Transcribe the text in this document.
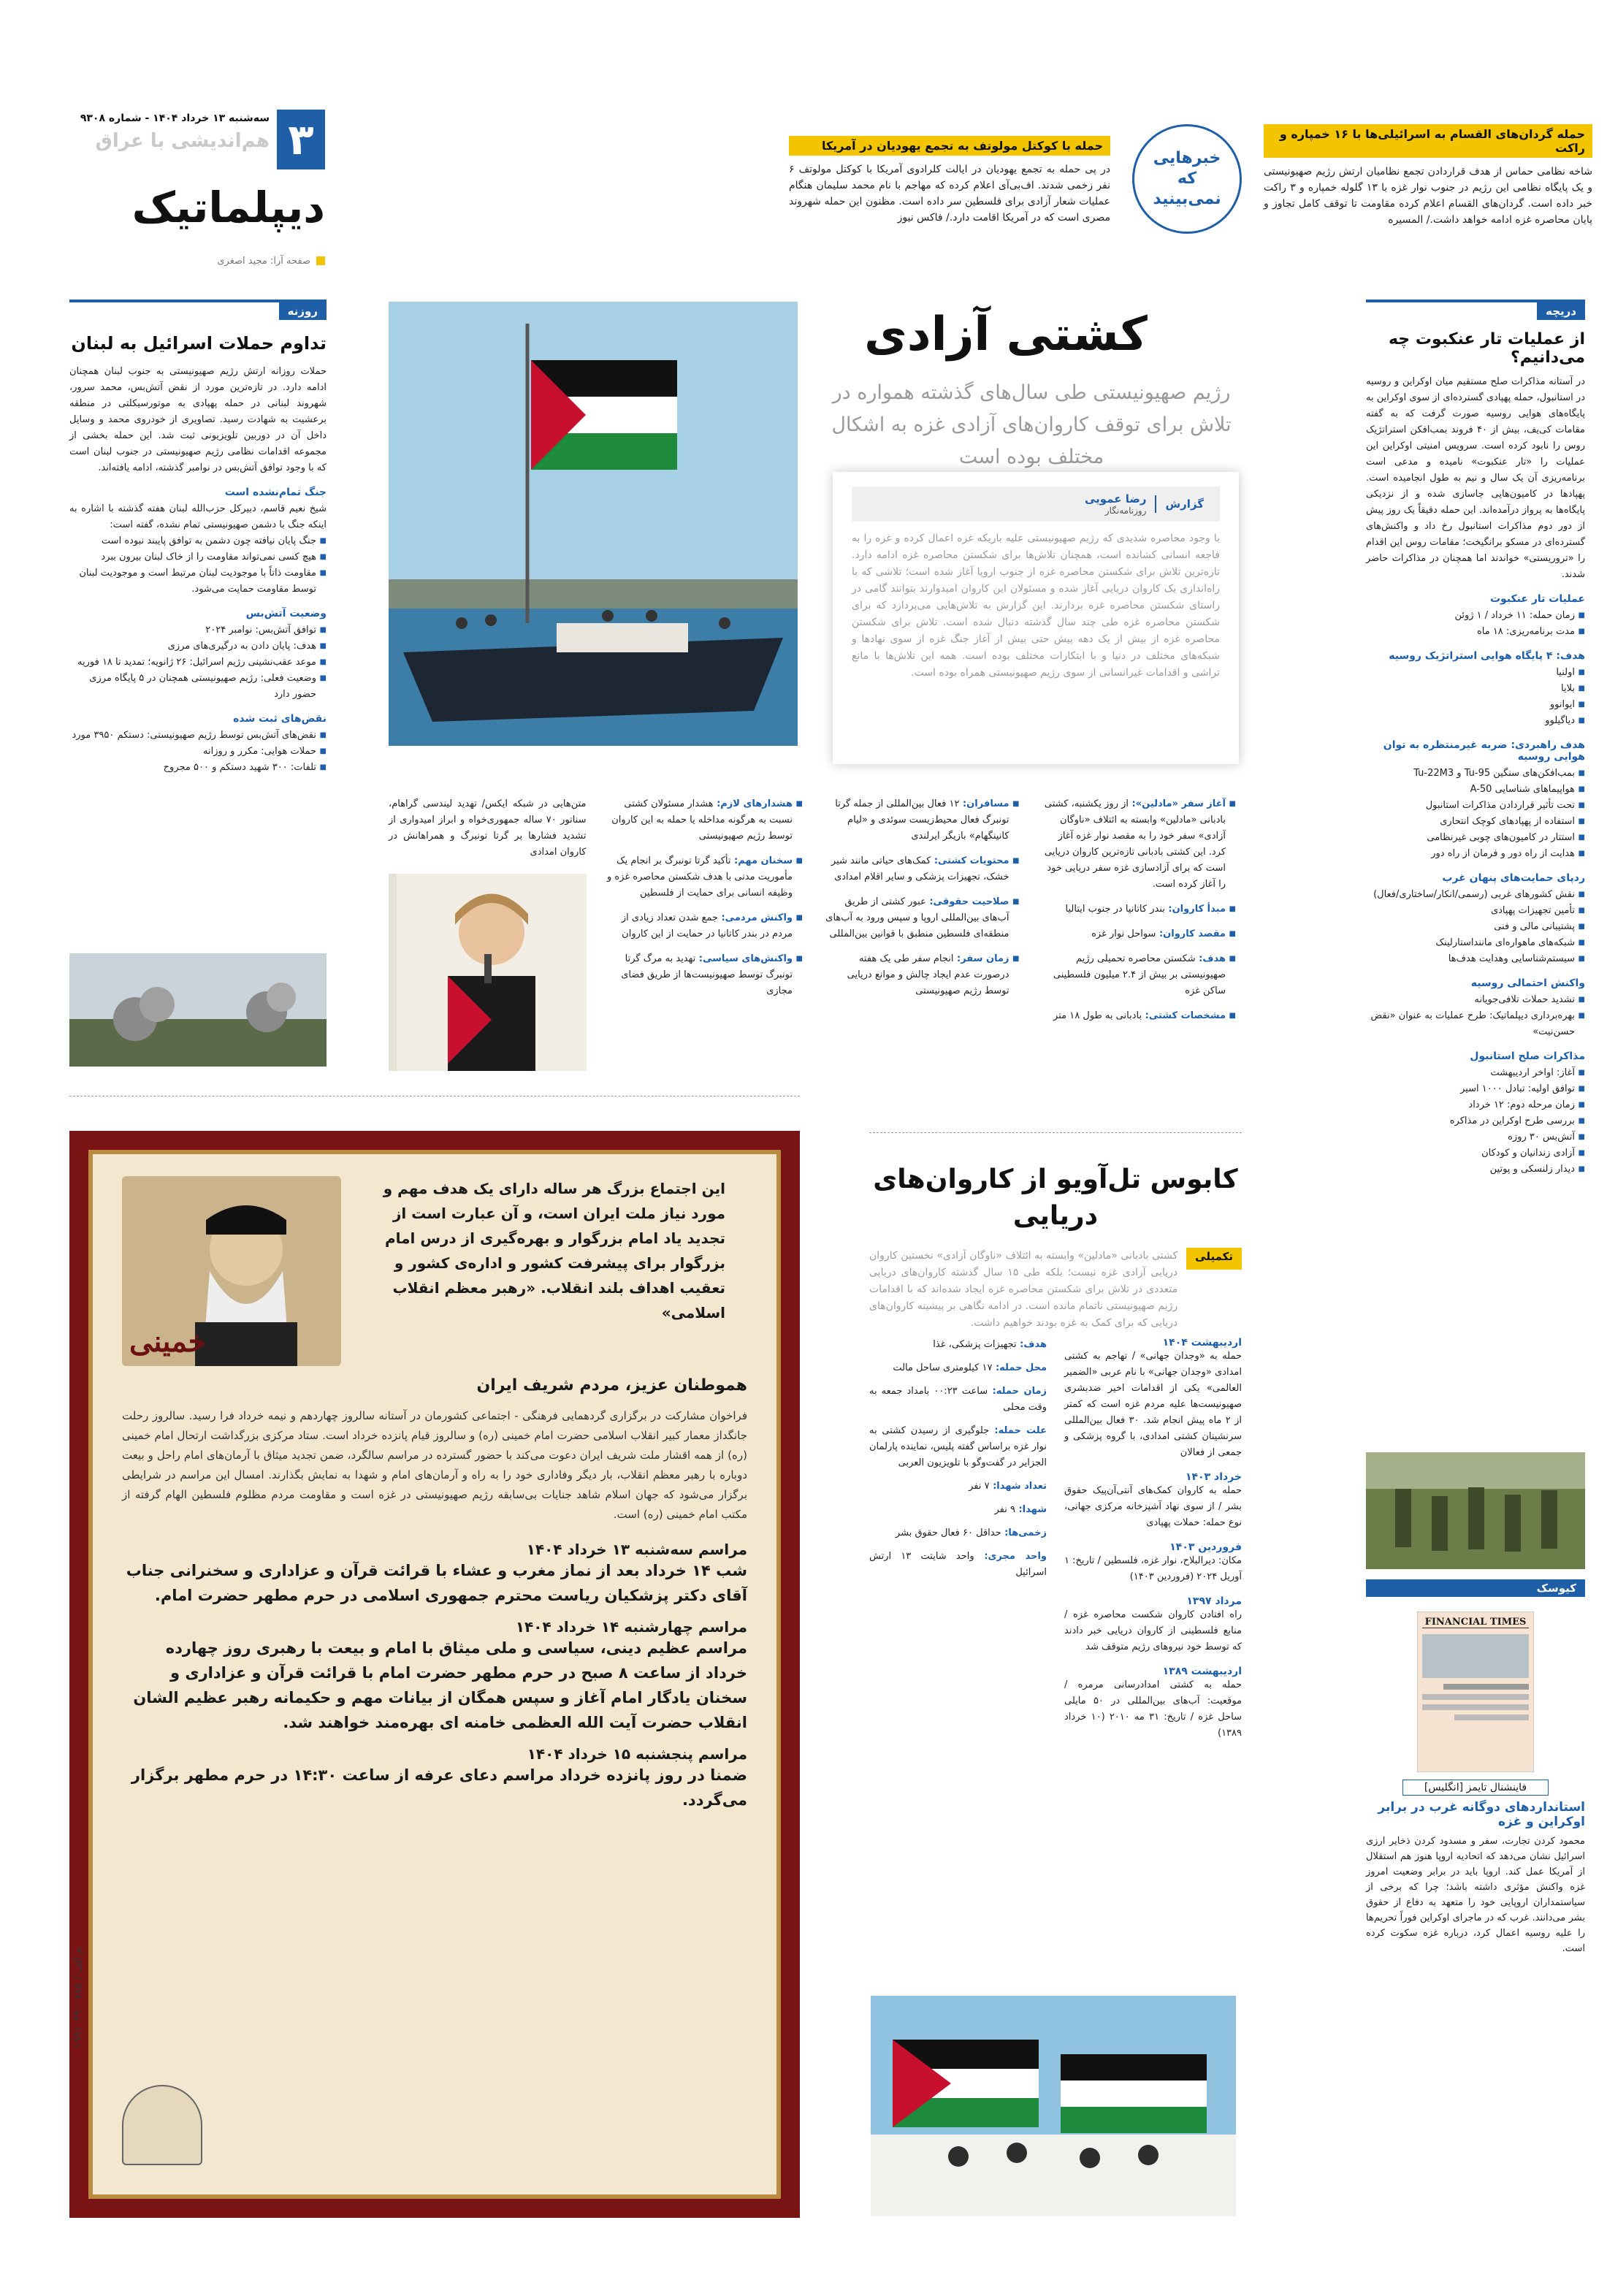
۳
سه‌شنبه ۱۳ خرداد ۱۴۰۴ - شماره ۹۳۰۸
هم‌اندیشی با عراق
دیپلماتیک
صفحه آرا: مجید اصغری
حمله گردان‌های القسام به اسرائیلی‌ها با ۱۶ خمپاره و راکت
شاخه نظامی حماس از هدف قراردادن تجمع نظامیان ارتش رژیم صهیونیستی و یک پایگاه نظامی این رژیم در جنوب نوار غزه با ۱۳ گلوله خمپاره و ۳ راکت خبر داده است. گردان‌های القسام اعلام کرده مقاومت تا توقف کامل تجاوز و پایان محاصره غزه ادامه خواهد داشت./ المسیره
خبرهایی که نمی‌بینید
حمله با کوکتل مولوتف به تجمع یهودیان در آمریکا
در پی حمله به تجمع یهودیان در ایالت کلرادوی آمریکا با کوکتل مولوتف ۶ نفر زخمی شدند. اف‌بی‌آی اعلام کرده که مهاجم با نام محمد سلیمان هنگام عملیات شعار آزادی برای فلسطین سر داده است. مظنون این حمله شهروند مصری است که در آمریکا اقامت دارد./ فاکس نیوز
دریچه
از عملیات تار عنکبوت چه می‌دانیم؟
در آستانه مذاکرات صلح مستقیم میان اوکراین و روسیه در استانبول، حمله پهپادی گسترده‌ای از سوی اوکراین به پایگاه‌های هوایی روسیه صورت گرفت که به گفته مقامات کی‌یف، بیش از ۴۰ فروند بمب‌افکن استراتژیک روس را نابود کرده است. سرویس امنیتی اوکراین این عملیات را «تار عنکبوت» نامیده و مدعی است برنامه‌ریزی آن یک سال و نیم به طول انجامیده است. پهپادها در کامیون‌هایی جاسازی شده و از نزدیکی پایگاه‌ها به پرواز درآمده‌اند. این حمله دقیقاً یک روز پیش از دور دوم مذاکرات استانبول رخ داد و واکنش‌های گسترده‌ای در مسکو برانگیخت؛ مقامات روس این اقدام را «تروریستی» خواندند اما همچنان در مذاکرات حاضر شدند.
عملیات تار عنکبوت
■ زمان حمله: ۱۱ خرداد / ۱ ژوئن
■ مدت برنامه‌ریزی: ۱۸ ماه
هدف: ۴ پایگاه هوایی استراتژیک روسیه
■ اولنیا
■ بلایا
■ ایوانوو
■ دیاگیلوو
هدف راهبردی: ضربه غیرمنتظره به توان هوایی روسیه
■ بمب‌افکن‌های سنگین Tu-95 و Tu-22M3
■ هواپیماهای شناسایی A-50
■ تحت تأثیر قراردادن مذاکرات استانبول
■ استفاده از پهپادهای کوچک انتحاری
■ استتار در کامیون‌های چوبی غیرنظامی
■ هدایت از راه دور و فرمان از راه دور
ردپای حمایت‌های پنهان غرب
■ نقش کشورهای غربی (رسمی/انکار/ساختاری/فعال)
■ تأمین تجهیزات پهپادی
■ پشتیبانی مالی و فنی
■ شبکه‌های ماهواره‌ای ماننداستارلینک
■ سیستم‌شناسایی وهدایت هدف‌ها
واکنش احتمالی روسیه
■ تشدید حملات تلافی‌جویانه
■ بهره‌برداری دیپلماتیک: طرح عملیات به عنوان «نقض حسن‌نیت»
مذاکرات صلح استانبول
■ آغاز: اواخر اردیبهشت
■ توافق اولیه: تبادل ۱۰۰۰ اسیر
■ زمان مرحله دوم: ۱۲ خرداد
■ بررسی طرح اوکراین در مذاکره
■ آتش‌بس ۳۰ روزه
■ آزادی زندانیان و کودکان
■ دیدار زلنسکی و پوتین
کیوسک
FINANCIAL TIMES
فاینشنال تایمز [انگلیس]
استانداردهای دوگانه غرب در برابر اوکراین و غزه
محمود کردن تجارت، سفر و مسدود کردن ذخایر ارزی اسرائیل نشان می‌دهد که اتحادیه اروپا هنوز هم استقلال از آمریکا عمل کند. اروپا باید در برابر وضعیت امروز غزه واکنش مؤثری داشته باشد؛ چرا که برخی از سیاستمداران اروپایی خود را متعهد به دفاع از حقوق بشر می‌دانند. غرب که در ماجرای اوکراین فوراً تحریم‌ها را علیه روسیه اعمال کرد، درباره غزه سکوت کرده است.
کشتی آزادی
رژیم صهیونیستی طی سال‌های گذشته همواره در تلاش برای توقف کاروان‌های آزادی غزه به اشکال مختلف بوده است
گزارش
رضا عمویی
روزنامه‌نگار
با وجود محاصره شدیدی که رژیم صهیونیستی علیه باریکه غزه اعمال کرده و غزه را به فاجعه انسانی کشانده است، همچنان تلاش‌ها برای شکستن محاصره غزه ادامه دارد. تازه‌ترین تلاش برای شکستن محاصره غزه از جنوب اروپا آغاز شده است؛ تلاشی که با راه‌اندازی یک کاروان دریایی آغاز شده و مسئولان این کاروان امیدوارند بتوانند گامی در راستای شکستن محاصره غزه بردارند. این گزارش به تلاش‌هایی می‌پردازد که برای شکستن محاصره غزه طی چند سال گذشته دنبال شده است. تلاش برای شکستن محاصره غزه از بیش از یک دهه پیش حتی بیش از آغاز جنگ غزه از سوی نهادها و شبکه‌های مختلف در دنیا و با ابتکارات مختلف بوده است. همه این تلاش‌ها با مانع تراشی و اقدامات غیرانسانی از سوی رژیم صهیونیستی همراه بوده است.
■ آغاز سفر «مادلین»: از روز یکشنبه، کشتی بادبانی «مادلین» وابسته به ائتلاف «ناوگان آزادی» سفر خود را به مقصد نوار غزه آغاز کرد. این کشتی بادبانی تازه‌ترین کاروان دریایی است که برای آزادسازی غزه سفر دریایی خود را آغاز کرده است.
■ مبدأ کاروان: بندر کاتانیا در جنوب ایتالیا
■ مقصد کاروان: سواحل نوار غزه
■ هدف: شکستن محاصره تحمیلی رژیم صهیونیستی بر بیش از ۲.۴ میلیون فلسطینی ساکن غزه
■ مشخصات کشتی: بادبانی به طول ۱۸ متر
■ مسافران: ۱۲ فعال بین‌المللی از جمله گرتا تونبرگ فعال محیط‌زیست سوئدی و «لیام کانینگهام» بازیگر ایرلندی
■ محتویات کشتی: کمک‌های حیاتی مانند شیر خشک، تجهیزات پزشکی و سایر اقلام امدادی
■ صلاحیت حقوقی: عبور کشتی از طریق آب‌های بین‌المللی اروپا و سپس ورود به آب‌های منطقه‌ای فلسطین منطبق با قوانین بین‌المللی
■ زمان سفر: انجام سفر طی یک هفته درصورت عدم ایجاد چالش و موانع دریایی توسط رژیم صهیونیستی
■ هشدارهای لازم: هشدار مسئولان کشتی نسبت به هرگونه مداخله یا حمله به این کاروان توسط رژیم صهیونیستی
■ سخنان مهم: تأکید گرتا تونبرگ بر انجام یک مأموریت مدنی با هدف شکستن محاصره غزه و وظیفه انسانی برای حمایت از فلسطین
■ واکنش مردمی: جمع شدن تعداد زیادی از مردم در بندر کاتانیا در حمایت از این کاروان
■ واکنش‌های سیاسی: تهدید به مرگ گرتا تونبرگ توسط صهیونیست‌ها از طریق فضای مجازی
متن‌هایی در شبکه ایکس/ تهدید لیندسی گراهام، سناتور ۷۰ ساله جمهوری‌خواه و ابراز امیدواری از تشدید فشارها بر گرتا تونبرگ و همراهانش در کاروان امدادی
کابوس تل‌آویو از کاروان‌های دریایی
تکمیلی
کشتی بادبانی «مادلین» وابسته به ائتلاف «ناوگان آزادی» نخستین کاروان دریایی آزادی غزه نیست؛ بلکه طی ۱۵ سال گذشته کاروان‌های دریایی متعددی در تلاش برای شکستن محاصره غزه ایجاد شده‌اند که با اقدامات رژیم صهیونیستی ناتمام مانده است. در ادامه نگاهی بر پیشینه کاروان‌های دریایی که برای کمک به غزه بودند خواهیم داشت.
اردیبهشت ۱۴۰۴
حمله به «وجدان جهانی» / تهاجم به کشتی امدادی «وجدان جهانی» با نام عربی «الضمیر العالمی» یکی از اقدامات اخیر ضدبشری صهیونیست‌ها علیه مردم غزه است که کمتر از ۲ ماه پیش انجام شد. ۳۰ فعال بین‌المللی سرنشینان کشتی امدادی، با گروه پزشکی و جمعی از فعالان
خرداد ۱۴۰۳
حمله به کاروان کمک‌های آنتی‌آن‌پیک حقوق بشر / از سوی نهاد آشپزخانه مرکزی جهانی، نوع حمله: حملات پهپادی
فروردین ۱۴۰۳
مکان: دیرالبلاح، نوار غزه، فلسطین / تاریخ: ۱ آوریل ۲۰۲۴ (فروردین ۱۴۰۳)
مرداد ۱۳۹۷
راه افتادن کاروان شکست محاصره غزه / منابع فلسطینی از کاروان دریایی خبر دادند که توسط خود نیروهای رژیم متوقف شد
اردیبهشت ۱۳۸۹
حمله به کشتی امدادرسانی مرمره / موقعیت: آب‌های بین‌المللی در ۵۰ مایلی ساحل غزه / تاریخ: ۳۱ مه ۲۰۱۰ (۱۰ خرداد ۱۳۸۹)
هدف: تجهیزات پزشکی، غذا
محل حمله: ۱۷ کیلومتری ساحل مالت
زمان حمله: ساعت ۰۰:۲۳ بامداد جمعه به وقت محلی
علت حمله: جلوگیری از رسیدن کشتی به نوار غزه براساس گفته پلیس، نماینده پارلمان الجزایر در گفت‌وگو با تلویزیون العربی
تعداد شهدا: ۷ نفر
شهدا: ۹ نفر
زخمی‌ها: حداقل ۶۰ فعال حقوق بشر
واحد مجری: واحد شایتت ۱۳ ارتش اسرائیل
روزنه
تداوم حملات اسرائیل به لبنان
حملات روزانه ارتش رژیم صهیونیستی به جنوب لبنان همچنان ادامه دارد. در تازه‌ترین مورد از نقض آتش‌بس، محمد سرور، شهروند لبنانی در حمله پهپادی به موتورسیکلتی در منطقه برعشیت به شهادت رسید. تصاویری از خودروی محمد و وسایل داخل آن در دوربین تلویزیونی ثبت شد. این حمله بخشی از مجموعه اقدامات نظامی رژیم صهیونیستی در جنوب لبنان است که با وجود توافق آتش‌بس در نوامبر گذشته، ادامه یافته‌اند.
جنگ تمام‌نشده است
شیخ نعیم قاسم، دبیرکل حزب‌الله لبنان هفته گذشته با اشاره به اینکه جنگ با دشمن صهیونیستی تمام نشده، گفته است:
■ جنگ پایان نیافته چون دشمن به توافق پایبند نبوده است
■ هیچ کسی نمی‌تواند مقاومت را از خاک لبنان بیرون ببرد
■ مقاومت ذاتاً با موجودیت لبنان مرتبط است و موجودیت لبنان توسط مقاومت حمایت می‌شود.
وضعیت آتش‌بس
■ توافق آتش‌بس: نوامبر ۲۰۲۴
■ هدف: پایان دادن به درگیری‌های مرزی
■ موعد عقب‌نشینی رژیم اسرائیل: ۲۶ ژانویه؛ تمدید تا ۱۸ فوریه
■ وضعیت فعلی: رژیم صهیونیستی همچنان در ۵ پایگاه مرزی حضور دارد
نقض‌های ثبت شده
■ نقض‌های آتش‌بس توسط رژیم صهیونیستی: دستکم ۳۹۵۰ مورد
■ حملات هوایی: مکرر و روزانه
■ تلفات: ۳۰۰ شهید دستکم و ۵۰۰ مجروح
خمینی
این اجتماع بزرگ هر ساله دارای یک هدف مهم و مورد نیاز ملت ایران است، و آن عبارت است از تجدید یاد امام بزرگوار و بهره‌گیری از درس امام بزرگوار برای پیشرفت کشور و اداره‌ی کشور و تعقیب اهداف بلند انقلاب. «رهبر معظم انقلاب اسلامی»
هموطنان عزیز، مردم شریف ایران
فراخوان مشارکت در برگزاری گردهمایی فرهنگی - اجتماعی کشورمان در آستانه سالروز چهاردهم و نیمه خرداد فرا رسید. سالروز رحلت جانگداز معمار کبیر انقلاب اسلامی حضرت امام خمینی (ره) و سالروز قیام پانزده خرداد است. ستاد مرکزی بزرگداشت ارتحال امام خمینی (ره) از همه اقشار ملت شریف ایران دعوت می‌کند با حضور گسترده در مراسم سالگرد، ضمن تجدید میثاق با آرمان‌های امام راحل و بیعت دوباره با رهبر معظم انقلاب، بار دیگر وفاداری خود را به راه و آرمان‌های امام و شهدا به نمایش بگذارند. امسال این مراسم در شرایطی برگزار می‌شود که جهان اسلام شاهد جنایات بی‌سابقه رژیم صهیونیستی در غزه است و مقاومت مردم مظلوم فلسطین الهام گرفته از مکتب امام خمینی (ره) است.
مراسم سه‌شنبه ۱۳ خرداد ۱۴۰۴
شب ۱۴ خرداد بعد از نماز مغرب و عشاء با قرائت قرآن و عزاداری و سخنرانی جناب آقای دکتر پزشکیان ریاست محترم جمهوری اسلامی در حرم مطهر حضرت امام.
مراسم چهارشنبه ۱۴ خرداد ۱۴۰۴
مراسم عظیم دینی، سیاسی و ملی میثاق با امام و بیعت با رهبری روز چهارده خرداد از ساعت ۸ صبح در حرم مطهر حضرت امام با قرائت قرآن و عزاداری و سخنان یادگار امام آغاز و سپس همگان از بیانات مهم و حکیمانه رهبر عظیم الشان انقلاب حضرت آیت الله العظمی خامنه ای بهره‌مند خواهند شد.
مراسم پنجشنبه ۱۵ خرداد ۱۴۰۴
ضمنا در روز پانزده خرداد مراسم دعای عرفه از ساعت ۱۴:۳۰ در حرم مطهر برگزار می‌گردد.
م الف / ۷۸۵ - ۱۹۹۱۰۳۹
